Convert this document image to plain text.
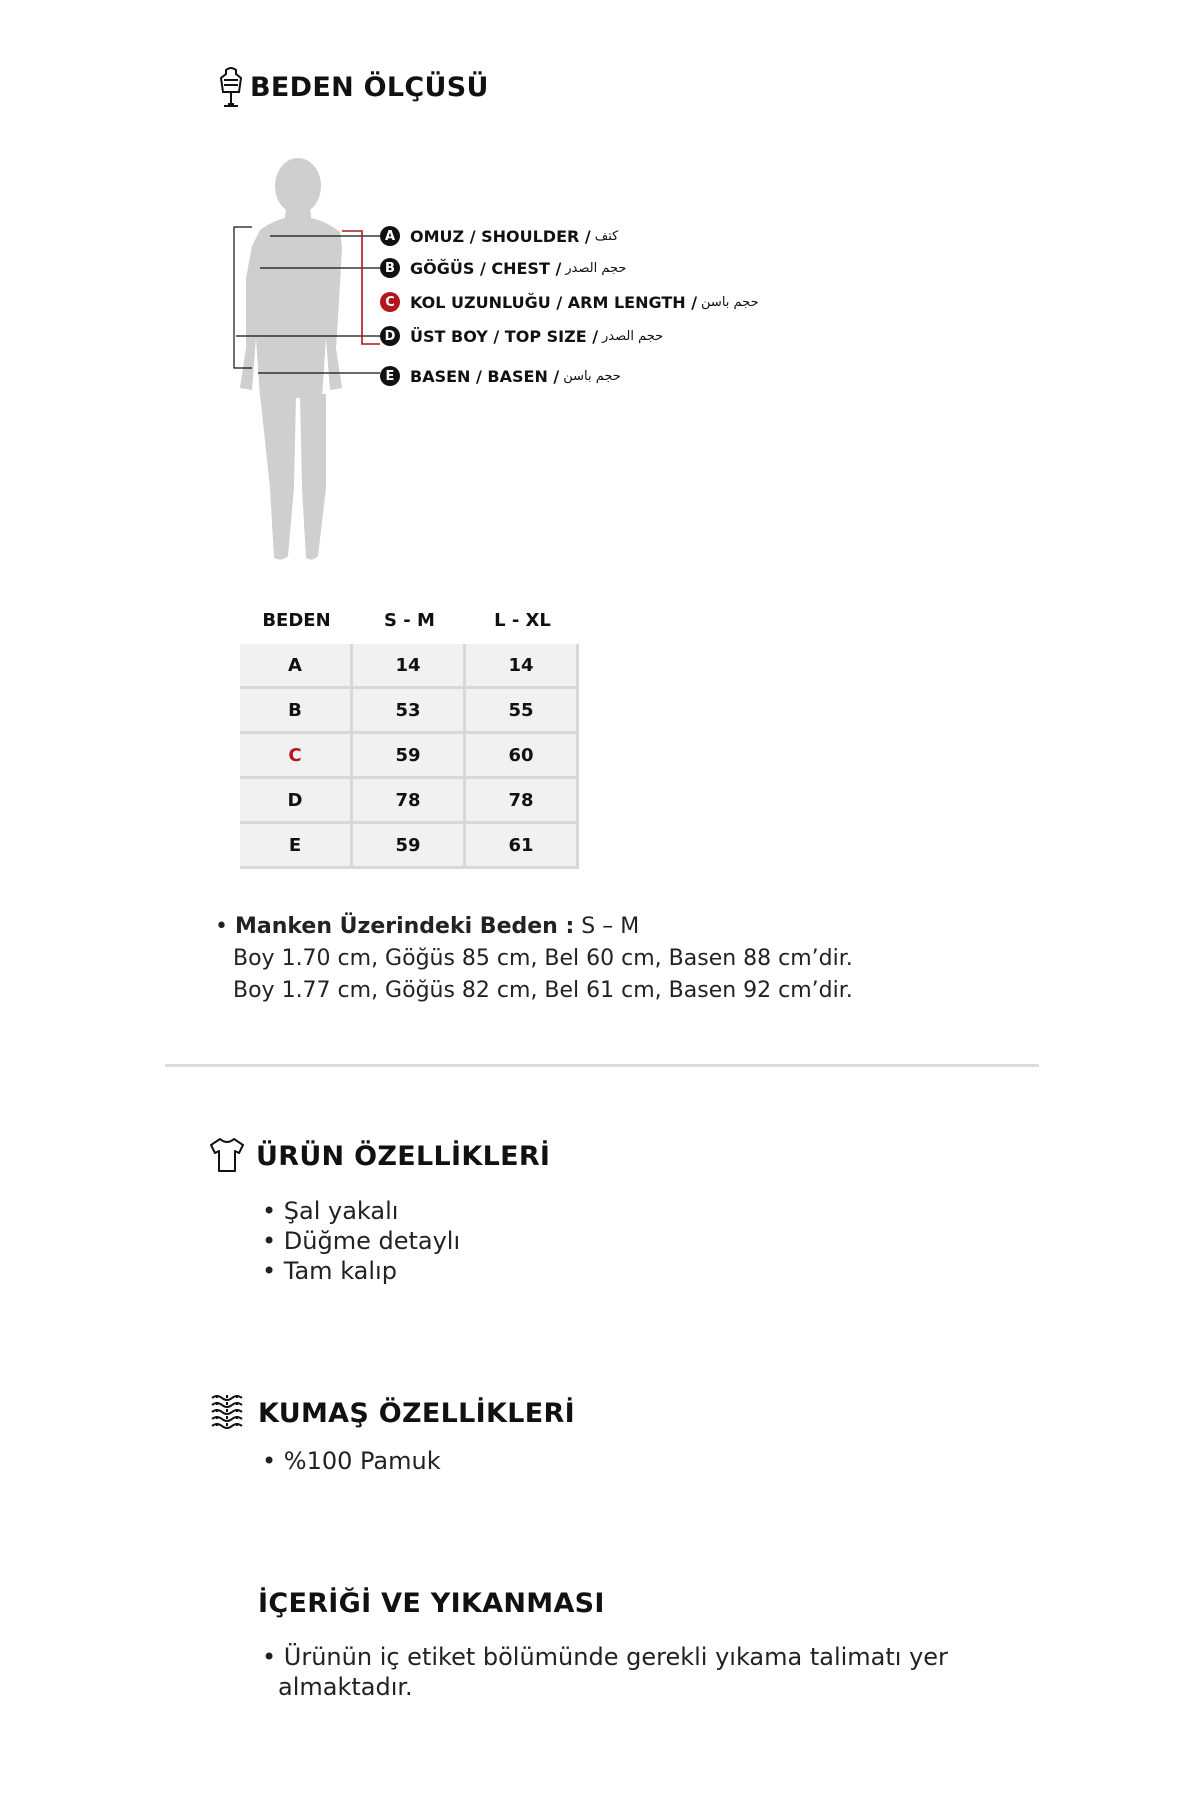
BEDEN ÖLÇÜSÜ
A OMUZ / SHOULDER / كتف
B GÖĞÜS / CHEST / حجم الصدر
C KOL UZUNLUĞU / ARM LENGTH / حجم باسن
D ÜST BOY / TOP SIZE / حجم الصدر
E BASEN / BASEN / حجم باسن
BEDEN	S - M	L - XL
A	14	14
B	53	55
C	59	60
D	78	78
E	59	61
• Manken Üzerindeki Beden : S – M
Boy 1.70 cm, Göğüs 85 cm, Bel 60 cm, Basen 88 cm’dir.
Boy 1.77 cm, Göğüs 82 cm, Bel 61 cm, Basen 92 cm’dir.
ÜRÜN ÖZELLİKLERİ
• Şal yakalı
• Düğme detaylı
• Tam kalıp
KUMAŞ ÖZELLİKLERİ
• %100 Pamuk
İÇERİĞİ VE YIKANMASI
• Ürünün iç etiket bölümünde gerekli yıkama talimatı yer
almaktadır.
